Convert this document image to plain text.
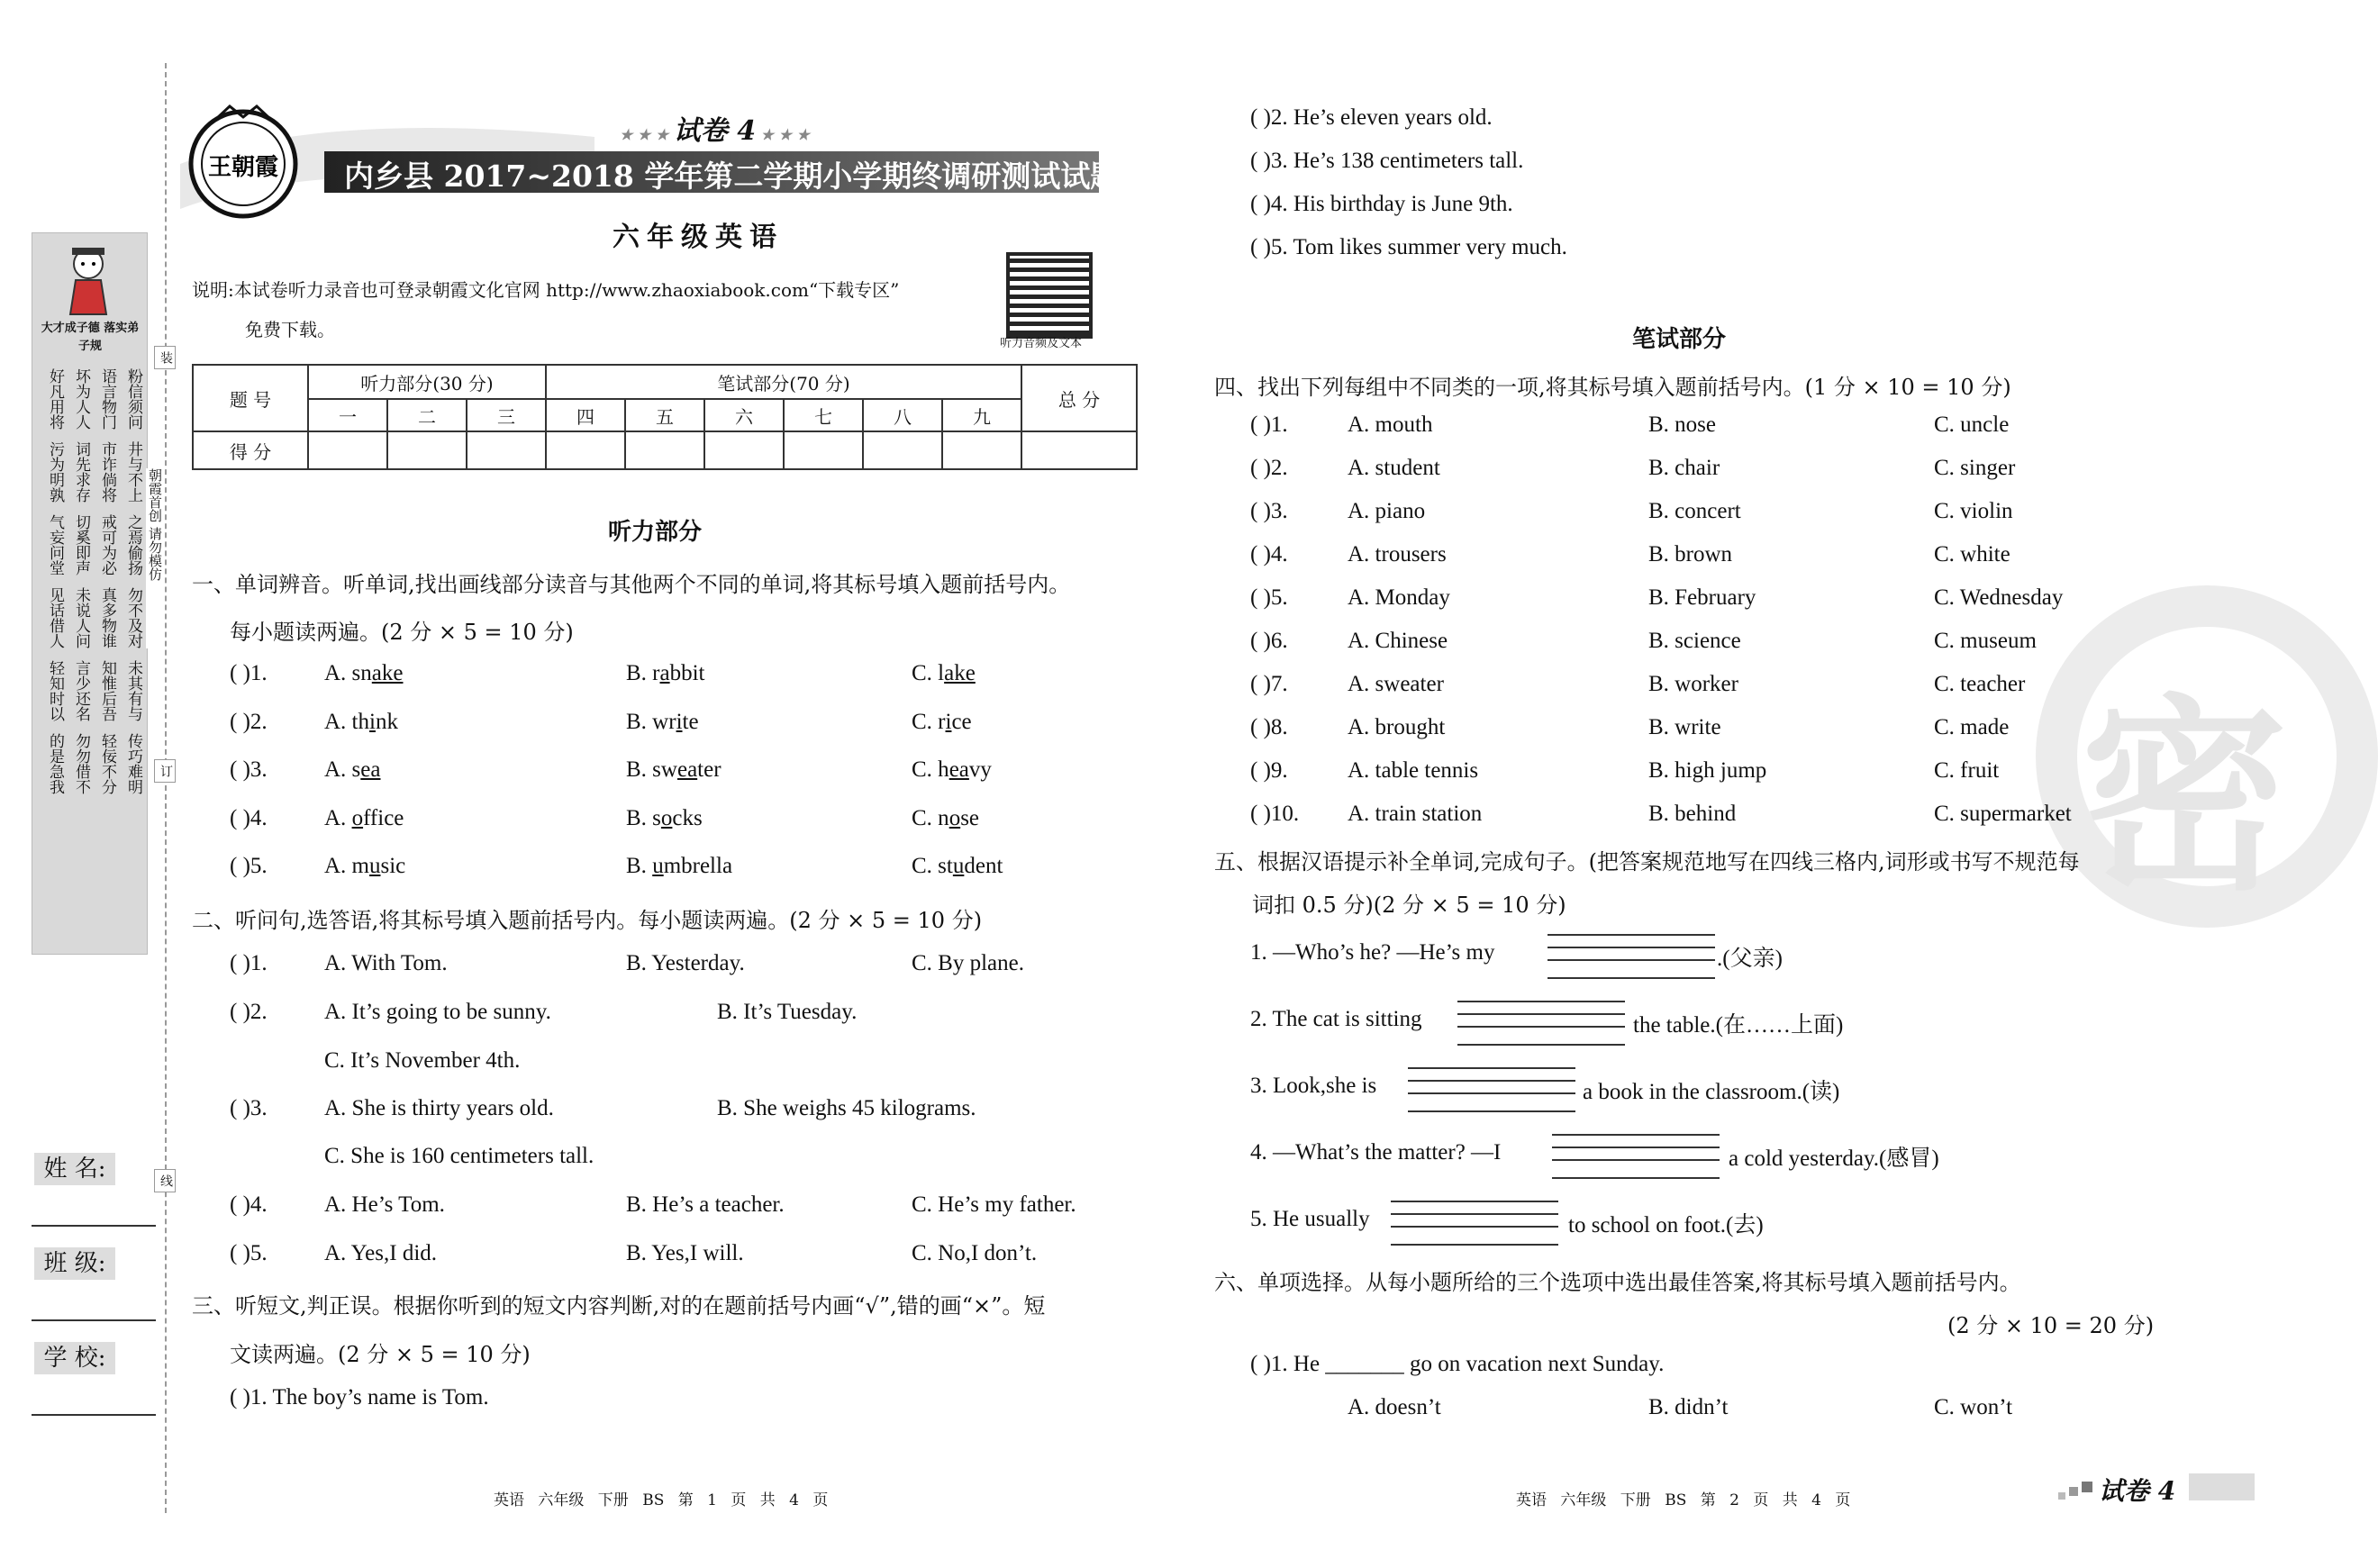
大才成子德 落实弟子规
好凡用将 坏为人人 语言物门 粉信须问
污为明孰 词先求存 市诈倘将 井与不上
气妄问堂 切奚即声 戒可为必 之焉偷扬
见话借人 未说人问 真多物谁 勿不及对
轻知时以 言少还名 知惟后吾 未其有与
的是急我 勿勿借不 轻佞不分 传巧难明
装
朝霞首创 请勿模仿
订
线
姓 名:
班 级:
学 校:
王朝霞
★ ★ ★ 试卷 4 ★ ★ ★
内乡县 2017~2018 学年第二学期小学期终调研测试试题
六年级英语
说明:本试卷听力录音也可登录朝霞文化官网 http://www.zhaoxiabook.com“下载专区”
免费下载。
听力音频及文本
题 号	听力部分(30 分)			笔试部分(70 分)						总 分
	一	二	三	四	五	六	七	八	九	
得 分										
听力部分
一、单词辨音。听单词,找出画线部分读音与其他两个不同的单词,将其标号填入题前括号内。
每小题读两遍。(2 分 × 5 = 10 分)
( )1.	A. snake	B. rabbit	C. lake
( )2.	A. think	B. write	C. rice
( )3.	A. sea	B. sweater	C. heavy
( )4.	A. office	B. socks	C. nose
( )5.	A. music	B. umbrella	C. student
二、听问句,选答语,将其标号填入题前括号内。每小题读两遍。(2 分 × 5 = 10 分)
( )1.	A. With Tom.	B. Yesterday.	C. By plane.
( )2.	A. It’s going to be sunny.	B. It’s Tuesday.
C. It’s November 4th.
( )3.	A. She is thirty years old.	B. She weighs 45 kilograms.
C. She is 160 centimeters tall.
( )4.	A. He’s Tom.	B. He’s a teacher.	C. He’s my father.
( )5.	A. Yes,I did.	B. Yes,I will.	C. No,I don’t.
三、听短文,判正误。根据你听到的短文内容判断,对的在题前括号内画“√”,错的画“×”。短
文读两遍。(2 分 × 5 = 10 分)
( )1. The boy’s name is Tom.
英语 六年级 下册 BS 第 1 页 共 4 页
密
( )2. He’s eleven years old.
( )3. He’s 138 centimeters tall.
( )4. His birthday is June 9th.
( )5. Tom likes summer very much.
笔试部分
四、找出下列每组中不同类的一项,将其标号填入题前括号内。(1 分 × 10 = 10 分)
( )1.	A. mouth	B. nose	C. uncle
( )2.	A. student	B. chair	C. singer
( )3.	A. piano	B. concert	C. violin
( )4.	A. trousers	B. brown	C. white
( )5.	A. Monday	B. February	C. Wednesday
( )6.	A. Chinese	B. science	C. museum
( )7.	A. sweater	B. worker	C. teacher
( )8.	A. brought	B. write	C. made
( )9.	A. table tennis	B. high jump	C. fruit
( )10. A. train station	B. behind	C. supermarket
五、根据汉语提示补全单词,完成句子。(把答案规范地写在四线三格内,词形或书写不规范每
词扣 0.5 分)(2 分 × 5 = 10 分)
1. —Who’s he? —He’s my	.(父亲)
2. The cat is sitting	the table.(在……上面)
3. Look,she is	a book in the classroom.(读)
4. —What’s the matter? —I	a cold yesterday.(感冒)
5. He usually	to school on foot.(去)
六、单项选择。从每小题所给的三个选项中选出最佳答案,将其标号填入题前括号内。
(2 分 × 10 = 20 分)
( )1. He _______ go on vacation next Sunday.
A. doesn’t	B. didn’t	C. won’t
英语 六年级 下册 BS 第 2 页 共 4 页	试卷 4
